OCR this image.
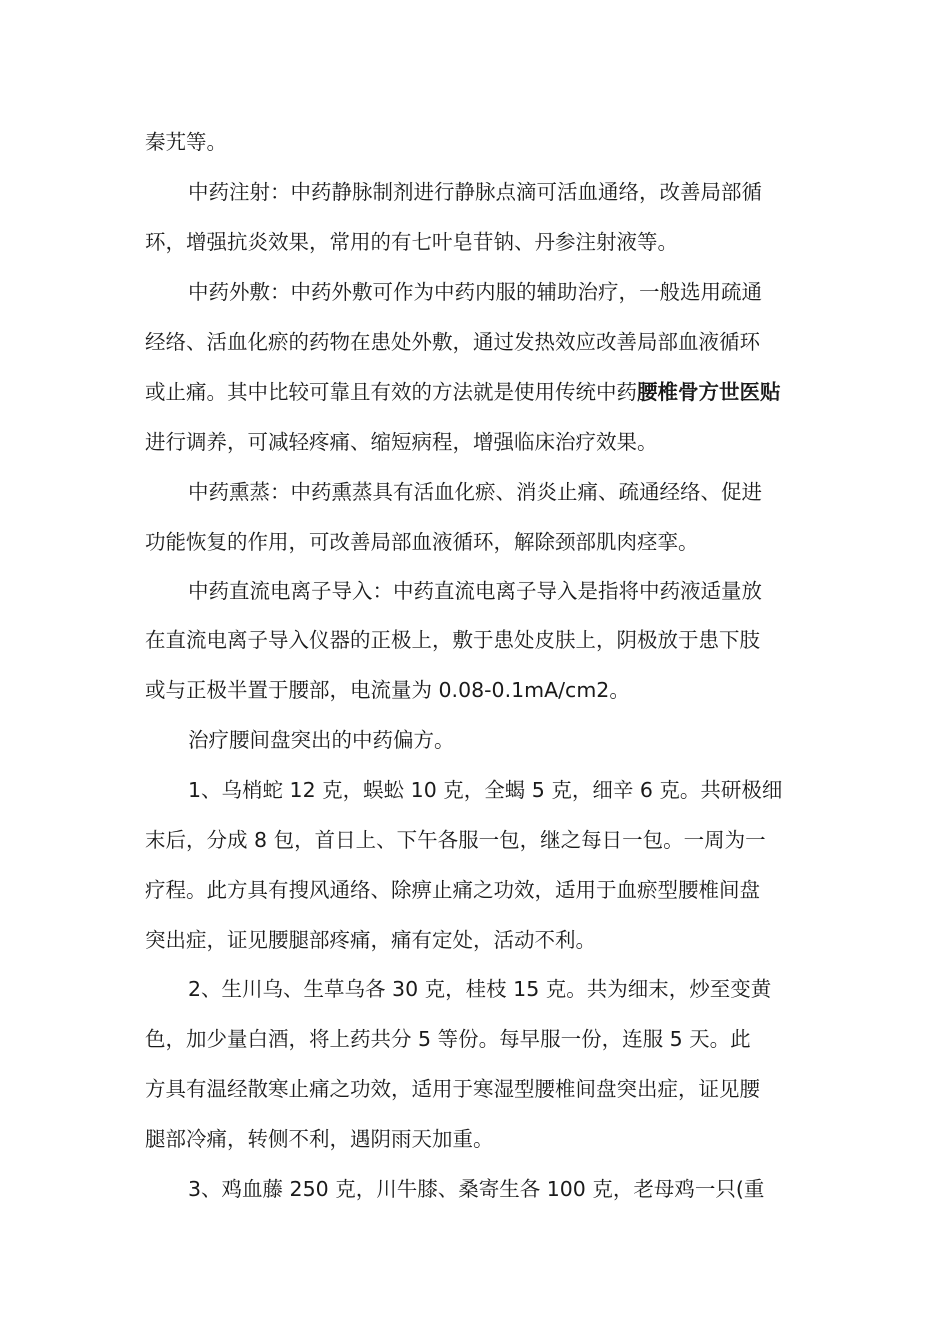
秦艽等。
中药注射：中药静脉制剂进行静脉点滴可活血通络，改善局部循
环，增强抗炎效果，常用的有七叶皂苷钠、丹参注射液等。
中药外敷：中药外敷可作为中药内服的辅助治疗，一般选用疏通
经络、活血化瘀的药物在患处外敷，通过发热效应改善局部血液循环
或止痛。其中比较可靠且有效的方法就是使用传统中药腰椎骨方世医贴
进行调养，可减轻疼痛、缩短病程，增强临床治疗效果。
中药熏蒸：中药熏蒸具有活血化瘀、消炎止痛、疏通经络、促进
功能恢复的作用，可改善局部血液循环，解除颈部肌肉痉挛。
中药直流电离子导入：中药直流电离子导入是指将中药液适量放
在直流电离子导入仪器的正极上，敷于患处皮肤上，阴极放于患下肢
或与正极半置于腰部，电流量为 0.08-0.1mA/cm2。
治疗腰间盘突出的中药偏方。
1、乌梢蛇 12 克，蜈蚣 10 克，全蝎 5 克，细辛 6 克。共研极细
末后，分成 8 包，首日上、下午各服一包，继之每日一包。一周为一
疗程。此方具有搜风通络、除痹止痛之功效，适用于血瘀型腰椎间盘
突出症，证见腰腿部疼痛，痛有定处，活动不利。
2、生川乌、生草乌各 30 克，桂枝 15 克。共为细末，炒至变黄
色，加少量白酒，将上药共分 5 等份。每早服一份，连服 5 天。此
方具有温经散寒止痛之功效，适用于寒湿型腰椎间盘突出症，证见腰
腿部冷痛，转侧不利，遇阴雨天加重。
3、鸡血藤 250 克，川牛膝、桑寄生各 100 克，老母鸡一只(重
